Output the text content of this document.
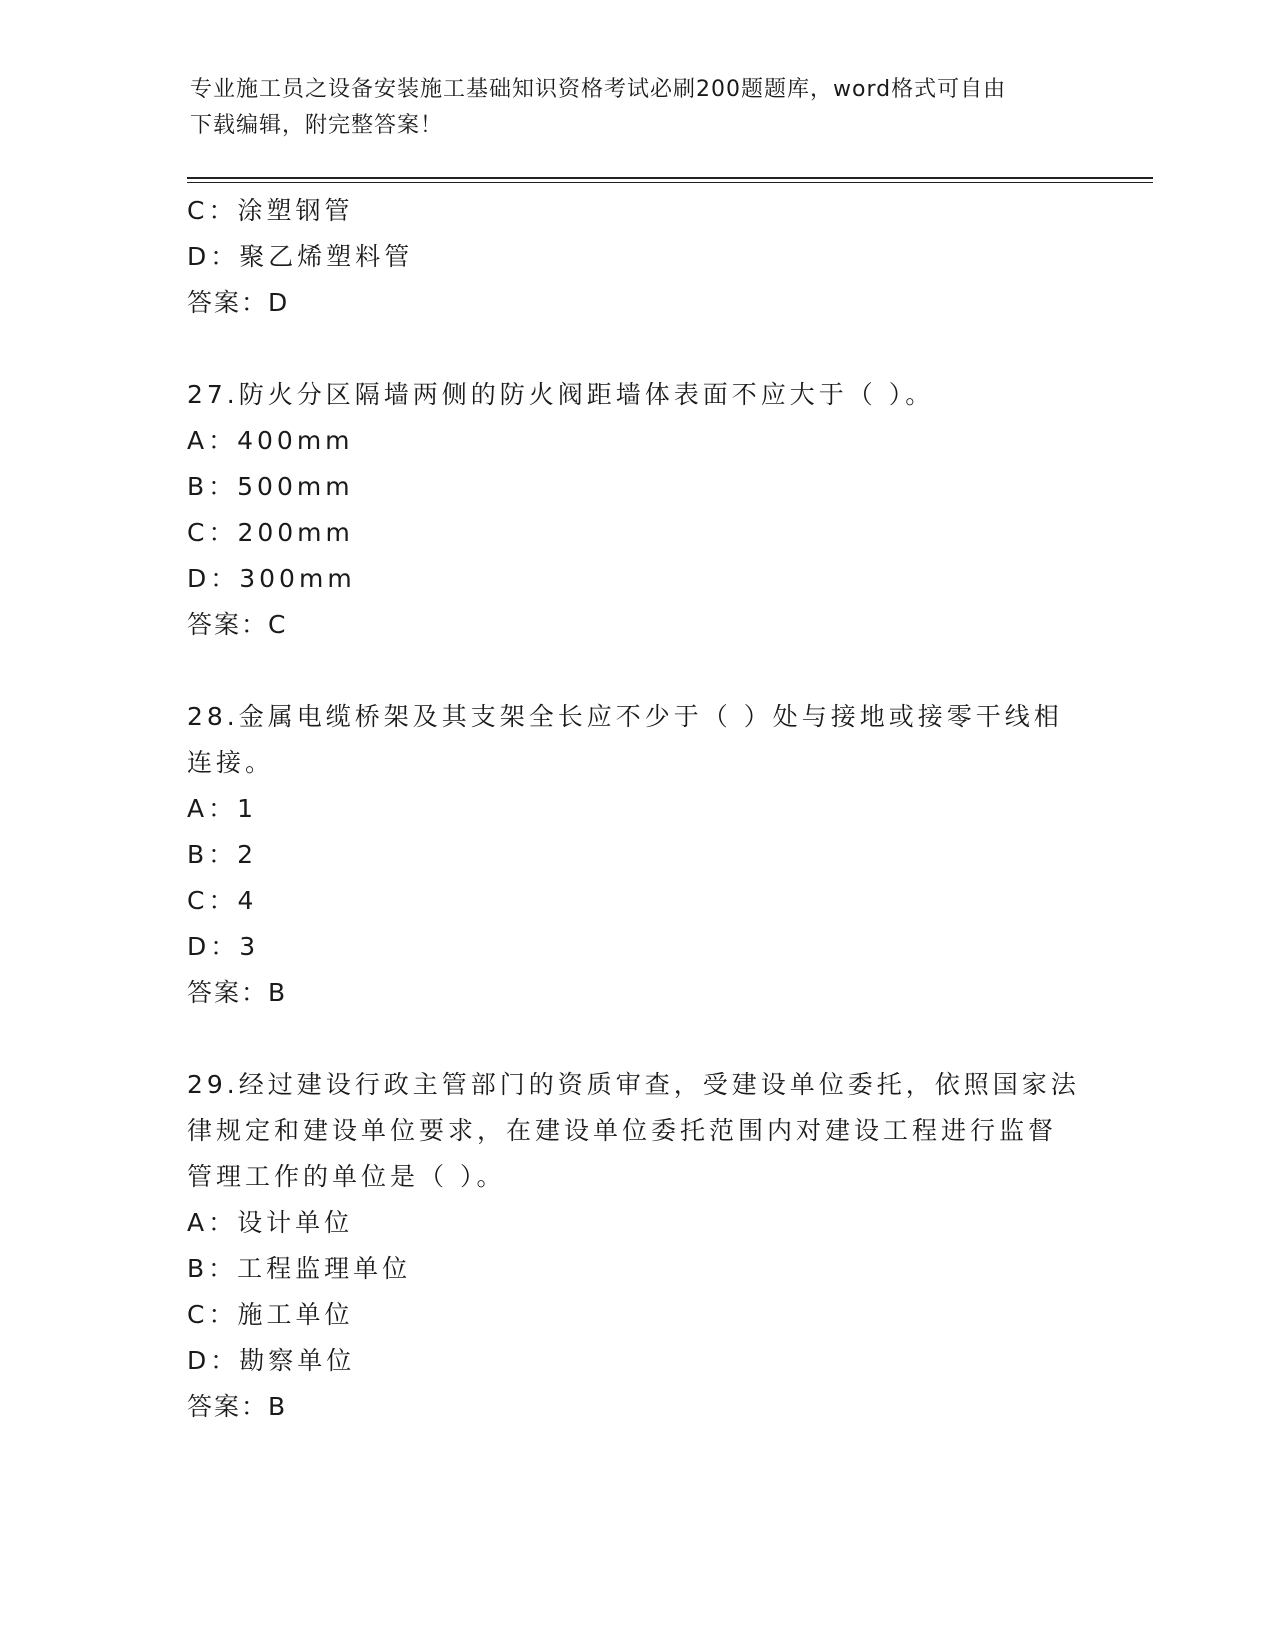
专业施工员之设备安装施工基础知识资格考试必刷200题题库，word格式可自由
下载编辑，附完整答案！
C：涂塑钢管
D：聚乙烯塑料管
答案：D
27.防火分区隔墙两侧的防火阀距墙体表面不应大于（ ）。
A：400mm
B：500mm
C：200mm
D：300mm
答案：C
28.金属电缆桥架及其支架全长应不少于（ ）处与接地或接零干线相
连接。
A：1
B：2
C：4
D：3
答案：B
29.经过建设行政主管部门的资质审查，受建设单位委托，依照国家法
律规定和建设单位要求，在建设单位委托范围内对建设工程进行监督
管理工作的单位是（ ）。
A：设计单位
B：工程监理单位
C：施工单位
D：勘察单位
答案：B
